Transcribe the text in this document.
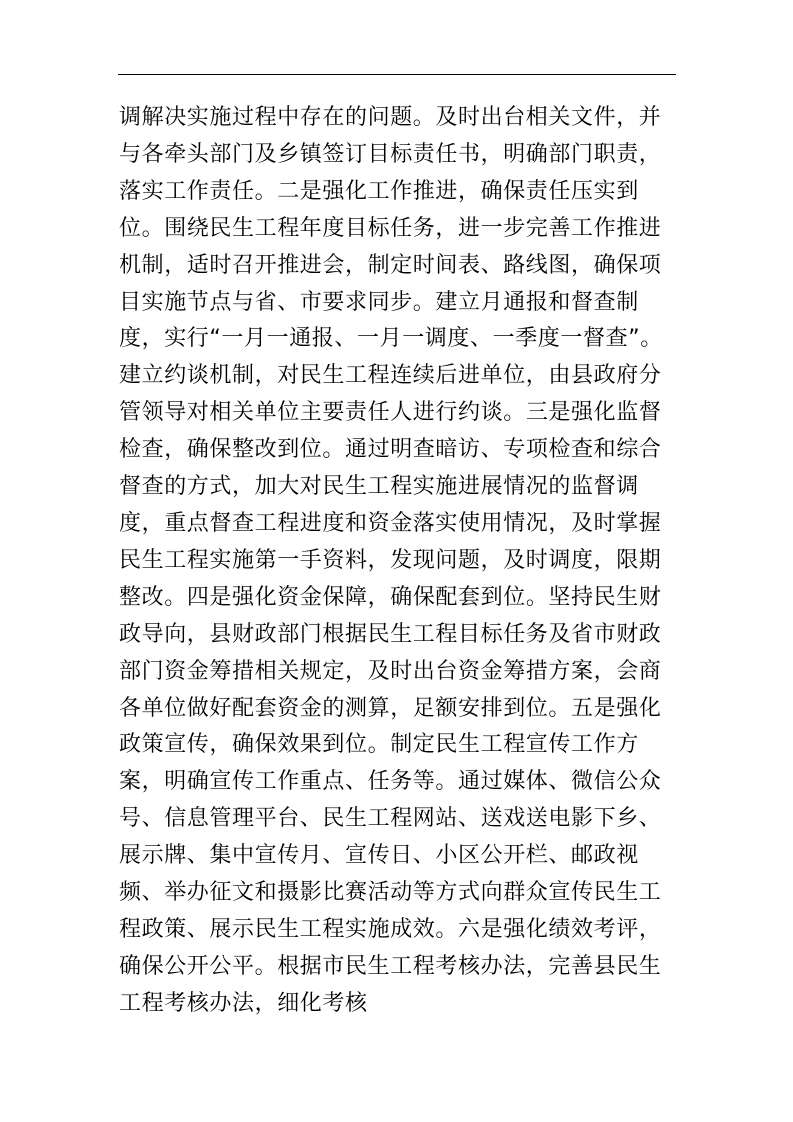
调解决实施过程中存在的问题。及时出台相关文件，并与各牵头部门及乡镇签订目标责任书，明确部门职责，落实工作责任。二是强化工作推进，确保责任压实到位。围绕民生工程年度目标任务，进一步完善工作推进机制，适时召开推进会，制定时间表、路线图，确保项目实施节点与省、市要求同步。建立月通报和督查制度，实行“一月一通报、一月一调度、一季度一督查”。建立约谈机制，对民生工程连续后进单位，由县政府分管领导对相关单位主要责任人进行约谈。三是强化监督检查，确保整改到位。通过明查暗访、专项检查和综合督查的方式，加大对民生工程实施进展情况的监督调度，重点督查工程进度和资金落实使用情况，及时掌握民生工程实施第一手资料，发现问题，及时调度，限期整改。四是强化资金保障，确保配套到位。坚持民生财政导向，县财政部门根据民生工程目标任务及省市财政部门资金筹措相关规定，及时出台资金筹措方案，会商各单位做好配套资金的测算，足额安排到位。五是强化政策宣传，确保效果到位。制定民生工程宣传工作方案，明确宣传工作重点、任务等。通过媒体、微信公众号、信息管理平台、民生工程网站、送戏送电影下乡、展示牌、集中宣传月、宣传日、小区公开栏、邮政视频、举办征文和摄影比赛活动等方式向群众宣传民生工程政策、展示民生工程实施成效。六是强化绩效考评，确保公开公平。根据市民生工程考核办法，完善县民生工程考核办法，细化考核
